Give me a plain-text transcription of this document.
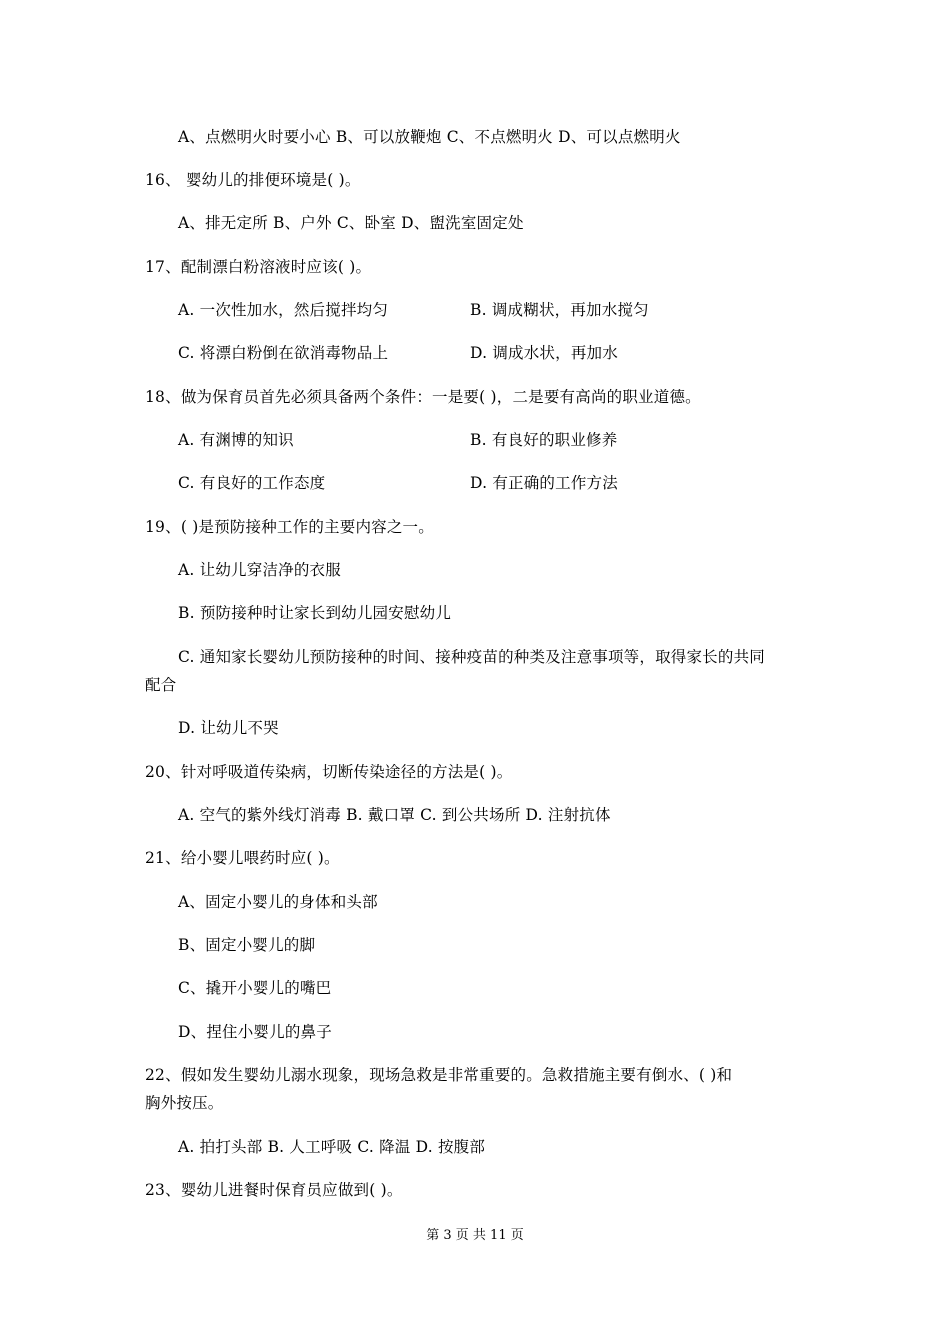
A、点燃明火时要小心 B、可以放鞭炮 C、不点燃明火 D、可以点燃明火
16、 婴幼儿的排便环境是( )。
A、排无定所 B、户外 C、卧室 D、盥洗室固定处
17、配制漂白粉溶液时应该( )。
A. 一次性加水，然后搅拌均匀	B. 调成糊状，再加水搅匀
C. 将漂白粉倒在欲消毒物品上	D. 调成水状，再加水
18、做为保育员首先必须具备两个条件：一是要( )，二是要有高尚的职业道德。
A. 有渊博的知识	B. 有良好的职业修养
C. 有良好的工作态度	D. 有正确的工作方法
19、( )是预防接种工作的主要内容之一。
A. 让幼儿穿洁净的衣服
B. 预防接种时让家长到幼儿园安慰幼儿
C. 通知家长婴幼儿预防接种的时间、接种疫苗的种类及注意事项等，取得家长的共同
配合
D. 让幼儿不哭
20、针对呼吸道传染病，切断传染途径的方法是( )。
A. 空气的紫外线灯消毒 B. 戴口罩 C. 到公共场所 D. 注射抗体
21、给小婴儿喂药时应( )。
A、固定小婴儿的身体和头部
B、固定小婴儿的脚
C、撬开小婴儿的嘴巴
D、捏住小婴儿的鼻子
22、假如发生婴幼儿溺水现象，现场急救是非常重要的。急救措施主要有倒水、( )和
胸外按压。
A. 拍打头部 B. 人工呼吸 C. 降温 D. 按腹部
23、婴幼儿进餐时保育员应做到( )。
第 3 页 共 11 页
